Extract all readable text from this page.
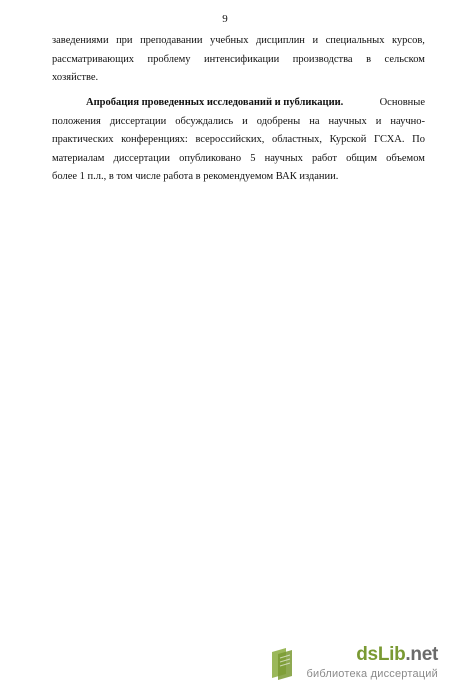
9
заведениями при преподавании учебных дисциплин и специальных курсов,
рассматривающих проблему интенсификации производства в сельском
хозяйстве.
Апробация проведенных исследований и публикации.	Основные
положения диссертации обсуждались и одобрены на научных и научно-
практических конференциях: всероссийских, областных, Курской ГСХА. По
материалам диссертации опубликовано 5 научных работ общим объемом
более 1 п.л., в том числе работа в рекомендуемом ВАК издании.
dsLib.net
библиотека диссертаций
